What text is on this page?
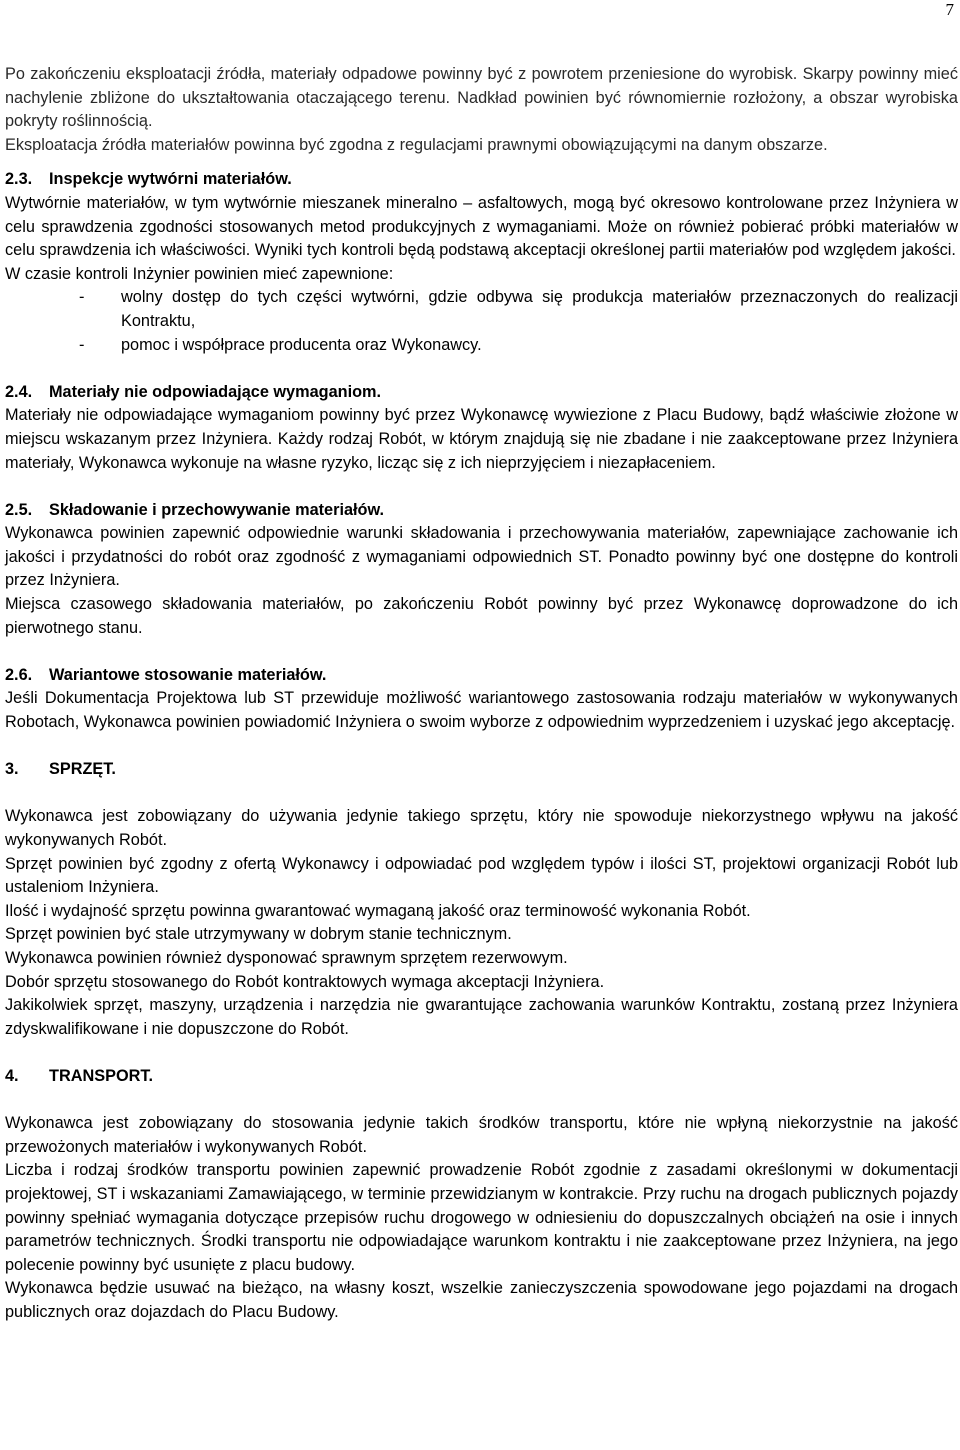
7

Po zakończeniu eksploatacji źródła, materiały odpadowe powinny być z powrotem przeniesione do wyrobisk. Skarpy powinny mieć nachylenie zbliżone do ukształtowania otaczającego terenu. Nadkład powinien być równomiernie rozłożony, a obszar wyrobiska pokryty roślinnością.

Eksploatacja źródła materiałów powinna być zgodna z regulacjami prawnymi obowiązującymi na danym obszarze.

2.3. Inspekcje wytwórni materiałów.

Wytwórnie materiałów, w tym wytwórnie mieszanek mineralno – asfaltowych, mogą być okresowo kontrolowane przez Inżyniera w celu sprawdzenia zgodności stosowanych metod produkcyjnych z wymaganiami. Może on również pobierać próbki materiałów w celu sprawdzenia ich właściwości. Wyniki tych kontroli będą podstawą akceptacji określonej partii materiałów pod względem jakości.

W czasie kontroli Inżynier powinien mieć zapewnione:

- wolny dostęp do tych części wytwórni, gdzie odbywa się produkcja materiałów przeznaczonych do realizacji Kontraktu,
- pomoc i współprace producenta oraz Wykonawcy.

2.4. Materiały nie odpowiadające wymaganiom.

Materiały nie odpowiadające wymaganiom powinny być przez Wykonawcę wywiezione z Placu Budowy, bądź właściwie złożone w miejscu wskazanym przez Inżyniera. Każdy rodzaj Robót, w którym znajdują się nie zbadane i nie zaakceptowane przez Inżyniera materiały, Wykonawca wykonuje na własne ryzyko, licząc się z ich nieprzyjęciem i niezapłaceniem.

2.5. Składowanie i przechowywanie materiałów.

Wykonawca powinien zapewnić odpowiednie warunki składowania i przechowywania materiałów, zapewniające zachowanie ich jakości i przydatności do robót oraz zgodność z wymaganiami odpowiednich ST. Ponadto powinny być one dostępne do kontroli przez Inżyniera.

Miejsca czasowego składowania materiałów, po zakończeniu Robót powinny być przez Wykonawcę doprowadzone do ich pierwotnego stanu.

2.6. Wariantowe stosowanie materiałów.

Jeśli Dokumentacja Projektowa lub ST przewiduje możliwość wariantowego zastosowania rodzaju materiałów w wykonywanych Robotach, Wykonawca powinien powiadomić Inżyniera o swoim wyborze z odpowiednim wyprzedzeniem i uzyskać jego akceptację.

3. SPRZĘT.

Wykonawca jest zobowiązany do używania jedynie takiego sprzętu, który nie spowoduje niekorzystnego wpływu na jakość wykonywanych Robót.

Sprzęt powinien być zgodny z ofertą Wykonawcy i odpowiadać pod względem typów i ilości ST, projektowi organizacji Robót lub ustaleniom Inżyniera.

Ilość i wydajność sprzętu powinna gwarantować wymaganą jakość oraz terminowość wykonania Robót.

Sprzęt powinien być stale utrzymywany w dobrym stanie technicznym.

Wykonawca powinien również dysponować sprawnym sprzętem rezerwowym.

Dobór sprzętu stosowanego do Robót kontraktowych wymaga akceptacji Inżyniera.

Jakikolwiek sprzęt, maszyny, urządzenia i narzędzia nie gwarantujące zachowania warunków Kontraktu, zostaną przez Inżyniera zdyskwalifikowane i nie dopuszczone do Robót.

4. TRANSPORT.

Wykonawca jest zobowiązany do stosowania jedynie takich środków transportu, które nie wpłyną niekorzystnie na jakość przewożonych materiałów i wykonywanych Robót.

Liczba i rodzaj środków transportu powinien zapewnić prowadzenie Robót zgodnie z zasadami określonymi w dokumentacji projektowej, ST i wskazaniami Zamawiającego, w terminie przewidzianym w kontrakcie. Przy ruchu na drogach publicznych pojazdy powinny spełniać wymagania dotyczące przepisów ruchu drogowego w odniesieniu do dopuszczalnych obciążeń na osie i innych parametrów technicznych. Środki transportu nie odpowiadające warunkom kontraktu i nie zaakceptowane przez Inżyniera, na jego polecenie powinny być usunięte z placu budowy.

Wykonawca będzie usuwać na bieżąco, na własny koszt, wszelkie zanieczyszczenia spowodowane jego pojazdami na drogach publicznych oraz dojazdach do Placu Budowy.
